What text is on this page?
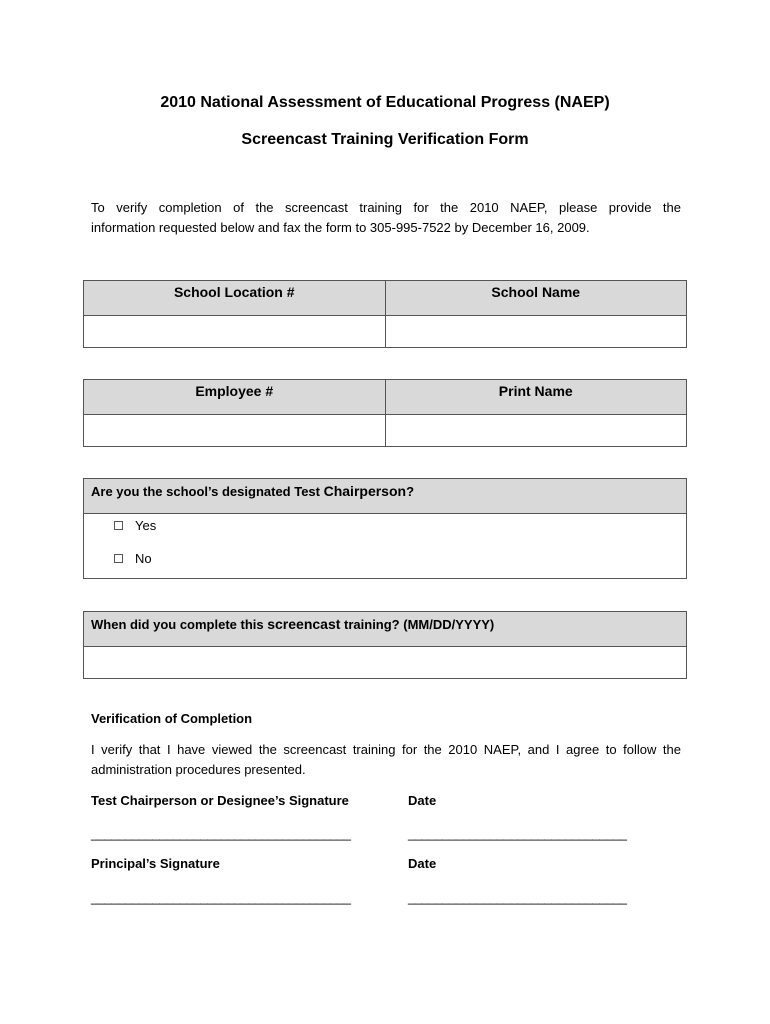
2010 National Assessment of Educational Progress (NAEP)
Screencast Training Verification Form
To verify completion of the screencast training for the 2010 NAEP, please provide the
information requested below and fax the form to 305-995-7522 by December 16, 2009.
School Location #	School Name

Employee #	Print Name

Are you the school’s designated Test Chairperson?

Yes
No
When did you complete this screencast training? (MM/DD/YYYY)

Verification of Completion
I verify that I have viewed the screencast training for the 2010 NAEP, and I agree to follow the
administration procedures presented.
Test Chairperson or Designee’s Signature	Date
______________________________________	________________________________
Principal’s Signature	Date
______________________________________	________________________________
